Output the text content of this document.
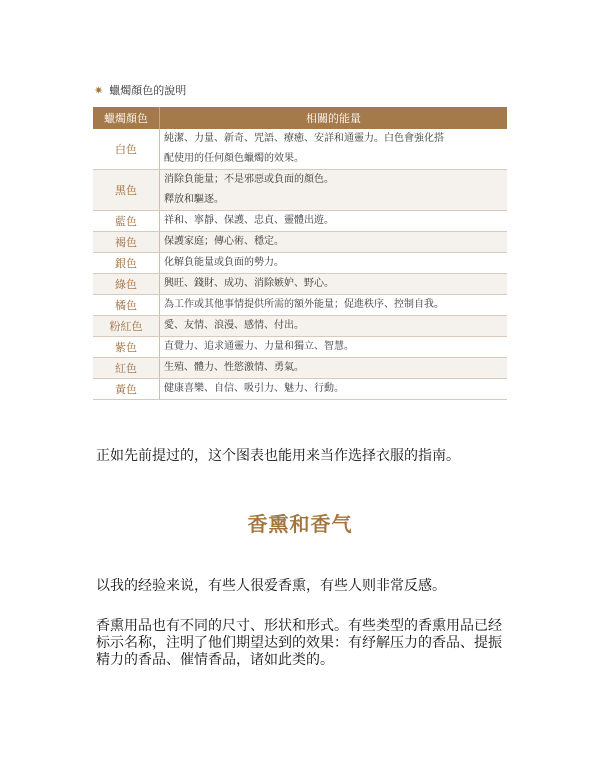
✷ 蠟燭顏色的說明
蠟燭顏色	相關的能量
白色	純潔、力量、新奇、咒語、療癒、安詳和通靈力。白色會強化搭
配使用的任何顏色蠟燭的效果。

黑色	消除負能量；不是邪惡或負面的顏色。
釋放和驅逐。

藍色	祥和、寧靜、保護、忠貞、靈體出遊。

褐色	保護家庭；傳心術、穩定。

銀色	化解負能量或負面的勢力。

綠色	興旺、錢財、成功、消除嫉妒、野心。

橘色	為工作或其他事情提供所需的額外能量；促進秩序、控制自我。

粉紅色	愛、友情、浪漫、感情、付出。

紫色	直覺力、追求通靈力、力量和獨立、智慧。

紅色	生殖、體力、性慾激情、勇氣。

黃色	健康喜樂、自信、吸引力、魅力、行動。
正如先前提过的，这个图表也能用来当作选择衣服的指南。
香熏和香气
以我的经验来说，有些人很爱香熏，有些人则非常反感。
香熏用品也有不同的尺寸、形状和形式。有些类型的香熏用品已经标示名称，注明了他们期望达到的效果：有纾解压力的香品、提振精力的香品、催情香品，诸如此类的。
